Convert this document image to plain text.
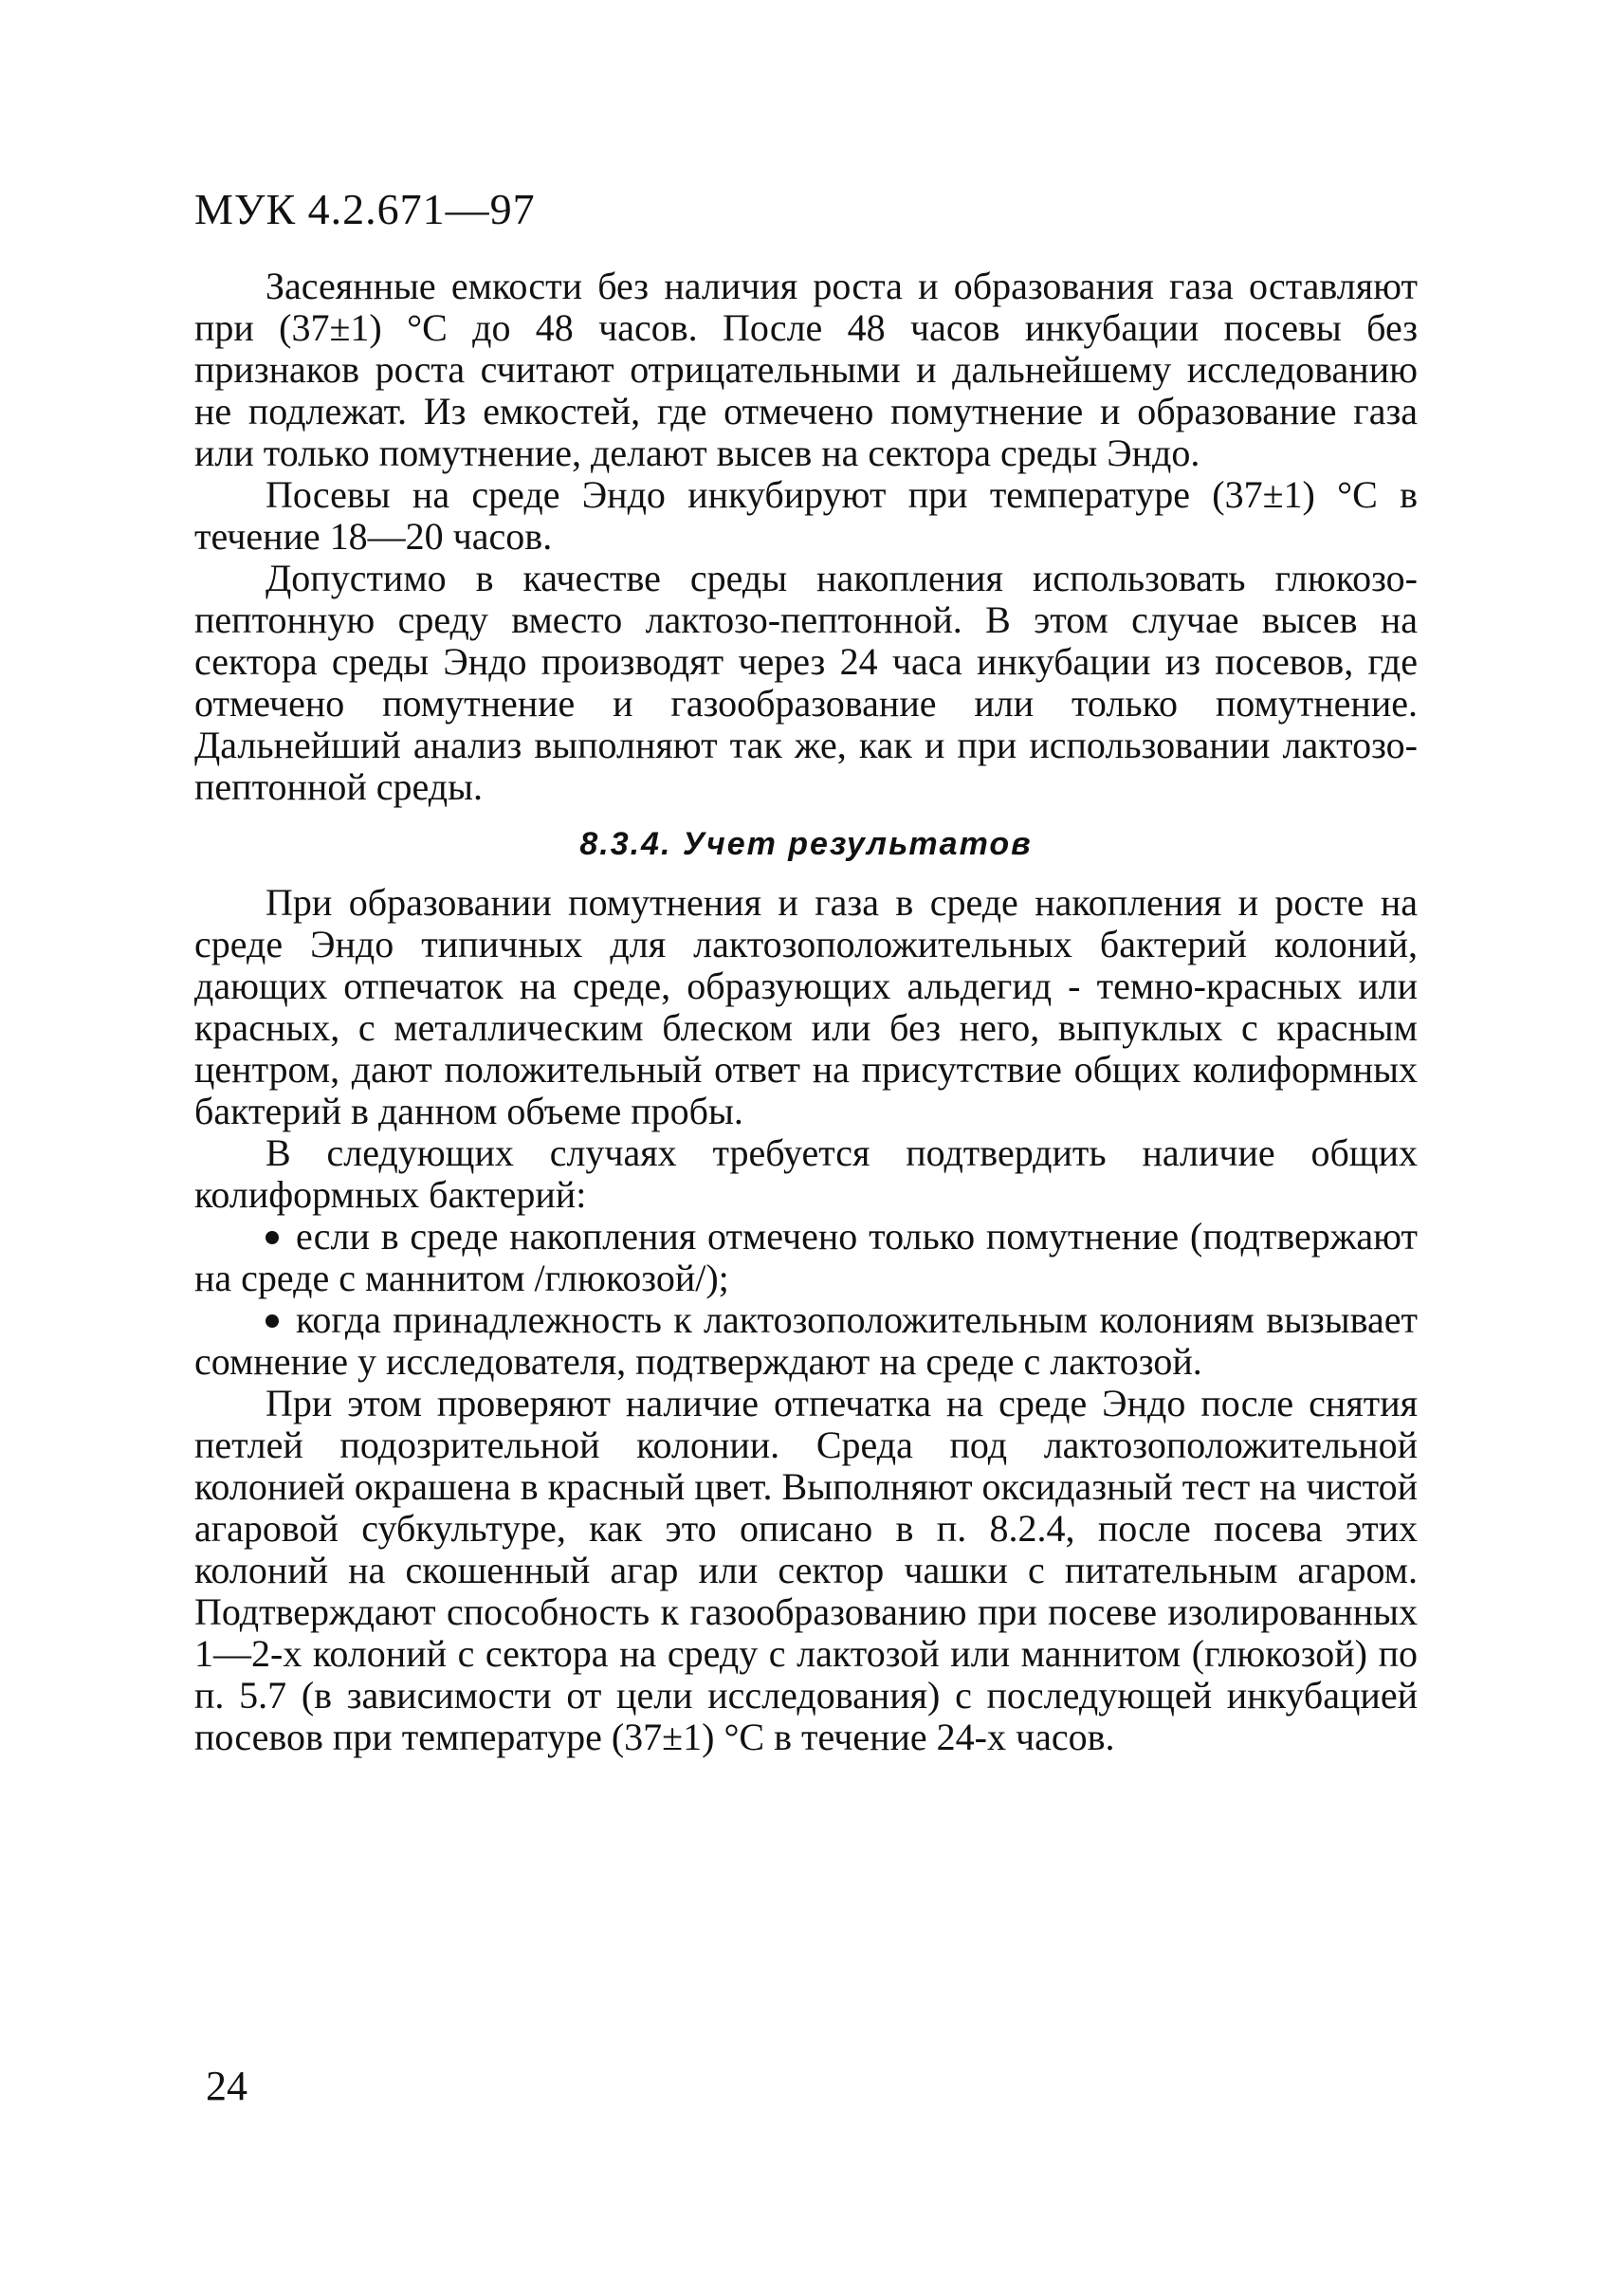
МУК 4.2.671—97

Засеянные емкости без наличия роста и образования газа оставляют при (37±1) °С до 48 часов. После 48 часов инкубации посевы без признаков роста считают отрицательными и дальнейшему исследованию не подлежат. Из емкостей, где отмечено помутнение и образование газа или только помутнение, делают высев на сектора среды Эндо.

Посевы на среде Эндо инкубируют при температуре (37±1) °С в течение 18—20 часов.

Допустимо в качестве среды накопления использовать глюкозо-пептонную среду вместо лактозо-пептонной. В этом случае высев на сектора среды Эндо производят через 24 часа инкубации из посевов, где отмечено помутнение и газообразование или только помутнение. Дальнейший анализ выполняют так же, как и при использовании лактозо-пептонной среды.

8.3.4. Учет результатов

При образовании помутнения и газа в среде накопления и росте на среде Эндо типичных для лактозоположительных бактерий колоний, дающих отпечаток на среде, образующих альдегид - темно-красных или красных, с металлическим блеском или без него, выпуклых с красным центром, дают положительный ответ на присутствие общих колиформных бактерий в данном объеме пробы.

В следующих случаях требуется подтвердить наличие общих колиформных бактерий:

если в среде накопления отмечено только помутнение (подтвержают на среде с маннитом /глюкозой/);

когда принадлежность к лактозоположительным колониям вызывает сомнение у исследователя, подтверждают на среде с лактозой.

При этом проверяют наличие отпечатка на среде Эндо после снятия петлей подозрительной колонии. Среда под лактозоположительной колонией окрашена в красный цвет. Выполняют оксидазный тест на чистой агаровой субкультуре, как это описано в п. 8.2.4, после посева этих колоний на скошенный агар или сектор чашки с питательным агаром. Подтверждают способность к газообразованию при посеве изолированных 1—2-х колоний с сектора на среду с лактозой или маннитом (глюкозой) по п. 5.7 (в зависимости от цели исследования) с последующей инкубацией посевов при температуре (37±1) °С в течение 24-х часов.

24
